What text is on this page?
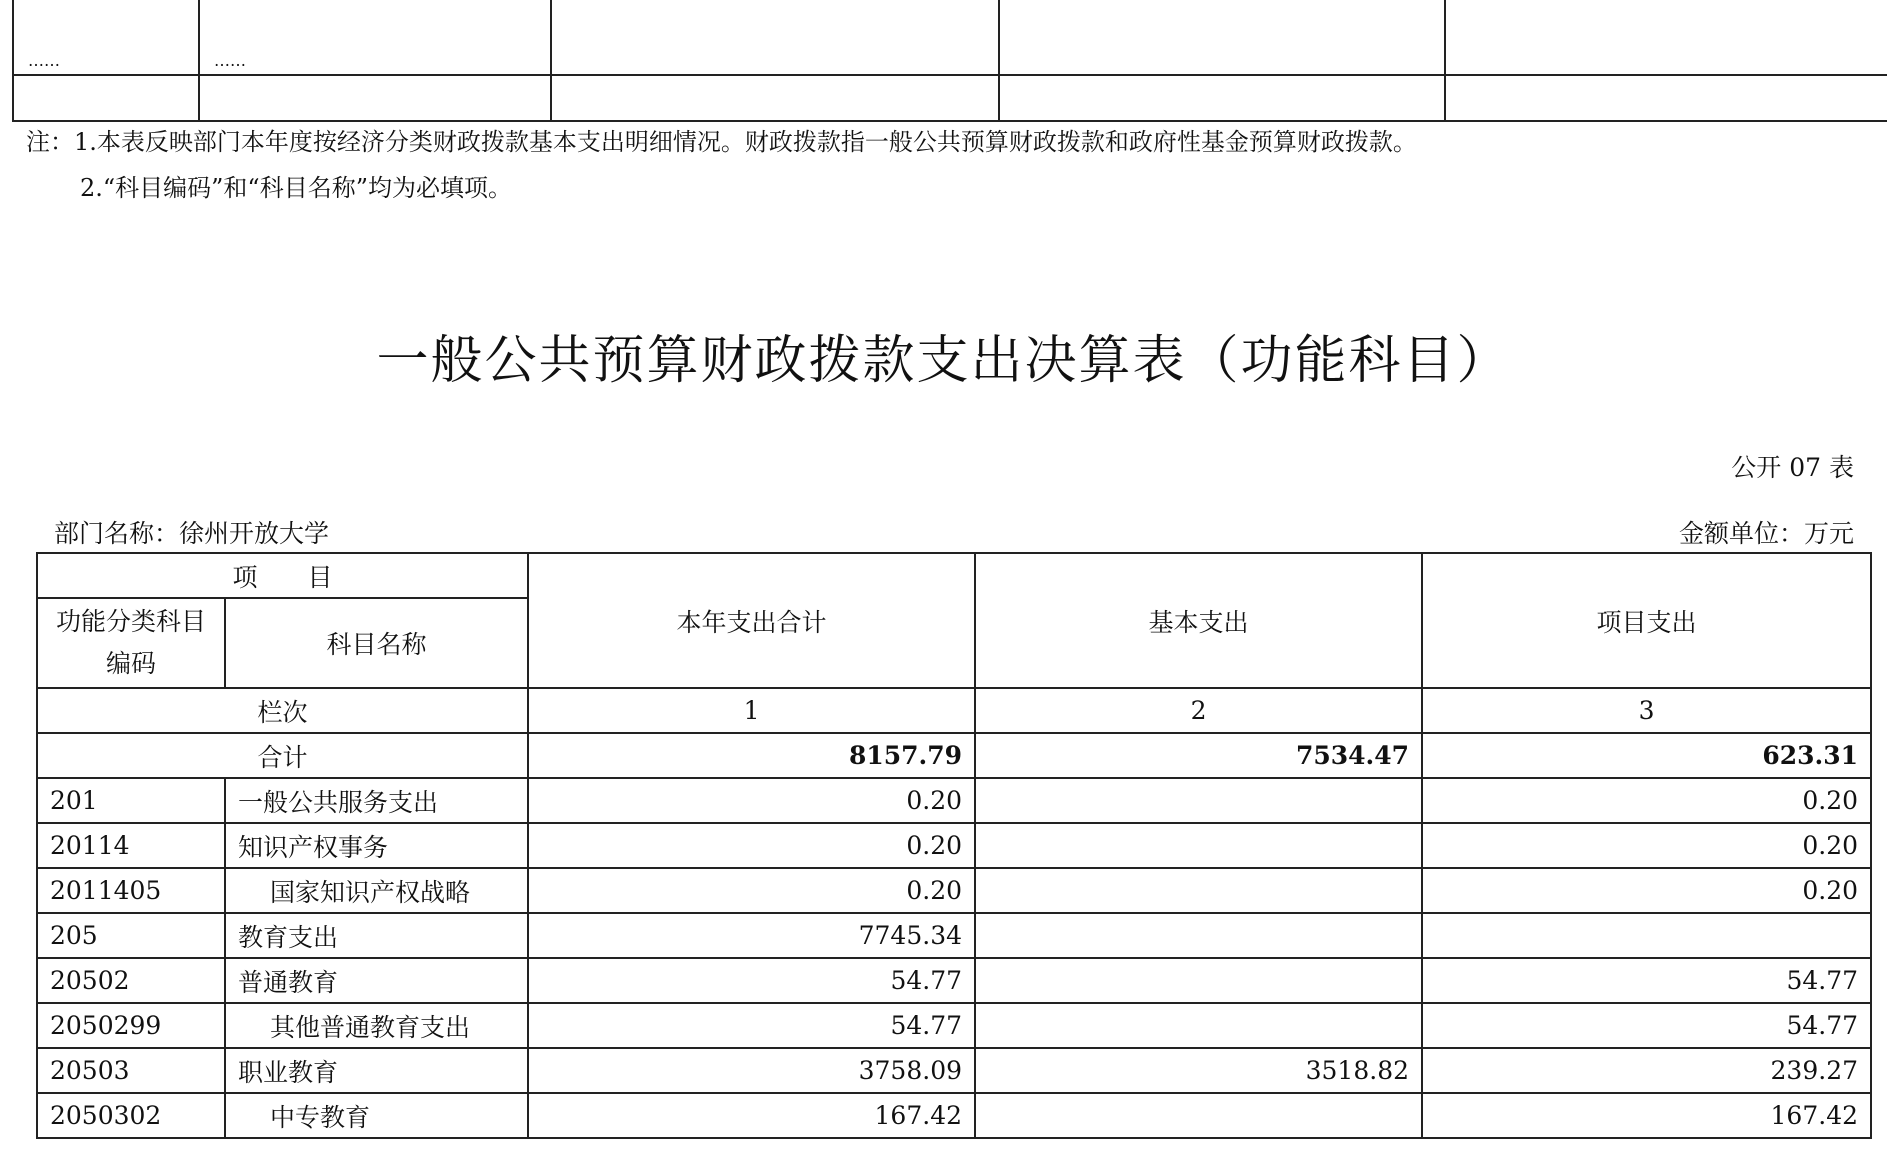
……	……			

注：1.本表反映部门本年度按经济分类财政拨款基本支出明细情况。财政拨款指一般公共预算财政拨款和政府性基金预算财政拨款。
2.“科目编码”和“科目名称”均为必填项。
一般公共预算财政拨款支出决算表（功能科目）
公开 07 表
部门名称：徐州开放大学	金额单位：万元
项　　目		本年支出合计	基本支出	项目支出
功能分类科目编码	科目名称			
栏次		1	2	3
合计		8157.79	7534.47	623.31
201	一般公共服务支出	0.20		0.20
20114	知识产权事务	0.20		0.20
2011405	国家知识产权战略	0.20		0.20
205	教育支出	7745.34		
20502	普通教育	54.77		54.77
2050299	其他普通教育支出	54.77		54.77
20503	职业教育	3758.09	3518.82	239.27
2050302	中专教育	167.42		167.42
